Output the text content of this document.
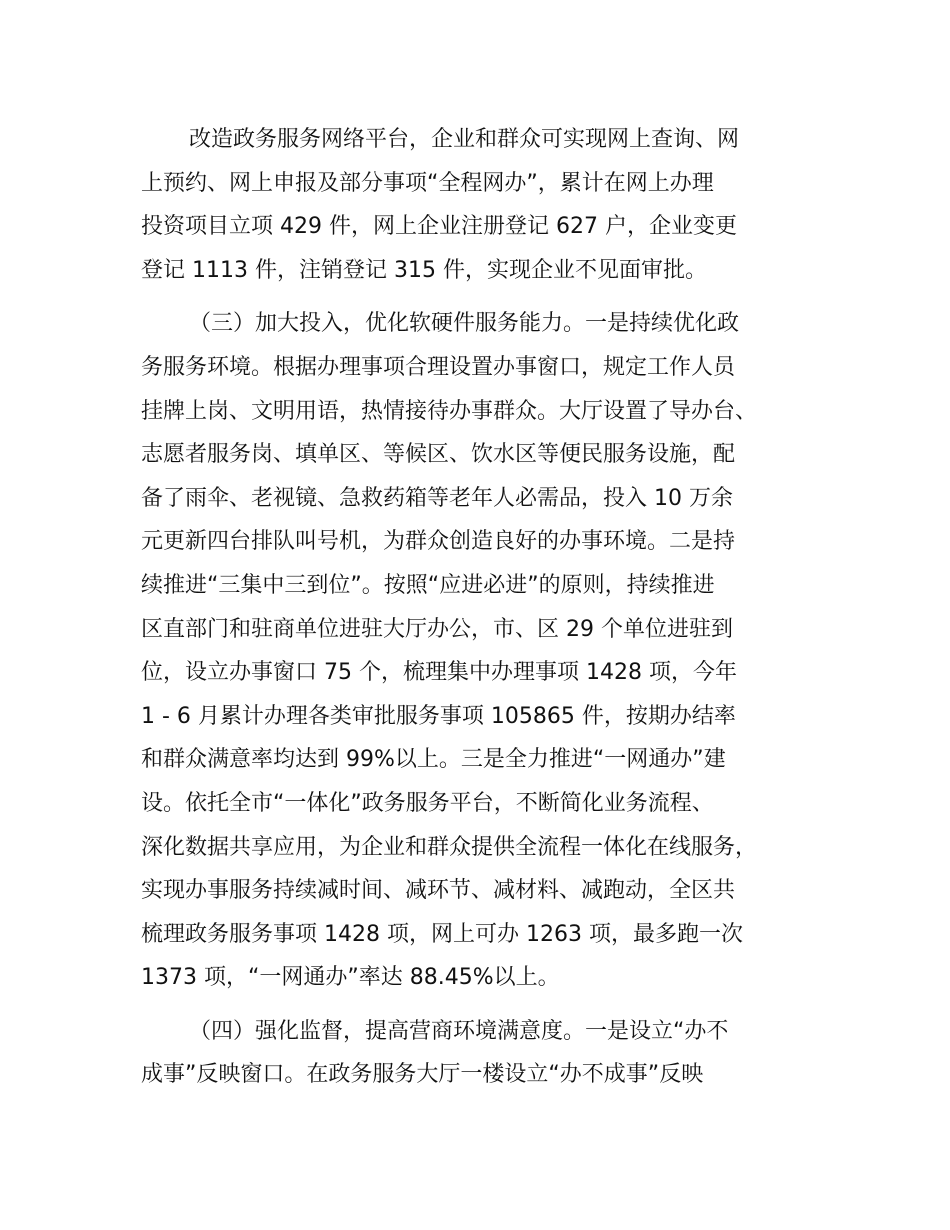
改造政务服务网络平台，企业和群众可实现网上查询、网
上预约、网上申报及部分事项“全程网办”，累计在网上办理
投资项目立项 429 件，网上企业注册登记 627 户，企业变更
登记 1113 件，注销登记 315 件，实现企业不见面审批。
（三）加大投入，优化软硬件服务能力。一是持续优化政
务服务环境。根据办理事项合理设置办事窗口，规定工作人员
挂牌上岗、文明用语，热情接待办事群众。大厅设置了导办台、
志愿者服务岗、填单区、等候区、饮水区等便民服务设施，配
备了雨伞、老视镜、急救药箱等老年人必需品，投入 10 万余
元更新四台排队叫号机，为群众创造良好的办事环境。二是持
续推进“三集中三到位”。按照“应进必进”的原则，持续推进
区直部门和驻商单位进驻大厅办公，市、区 29 个单位进驻到
位，设立办事窗口 75 个，梳理集中办理事项 1428 项，今年
1 - 6 月累计办理各类审批服务事项 105865 件，按期办结率
和群众满意率均达到 99%以上。三是全力推进“一网通办”建
设。依托全市“一体化”政务服务平台，不断简化业务流程、
深化数据共享应用，为企业和群众提供全流程一体化在线服务，
实现办事服务持续减时间、减环节、减材料、减跑动，全区共
梳理政务服务事项 1428 项，网上可办 1263 项，最多跑一次
1373 项，“一网通办”率达 88.45%以上。
（四）强化监督，提高营商环境满意度。一是设立“办不
成事”反映窗口。在政务服务大厅一楼设立“办不成事”反映
